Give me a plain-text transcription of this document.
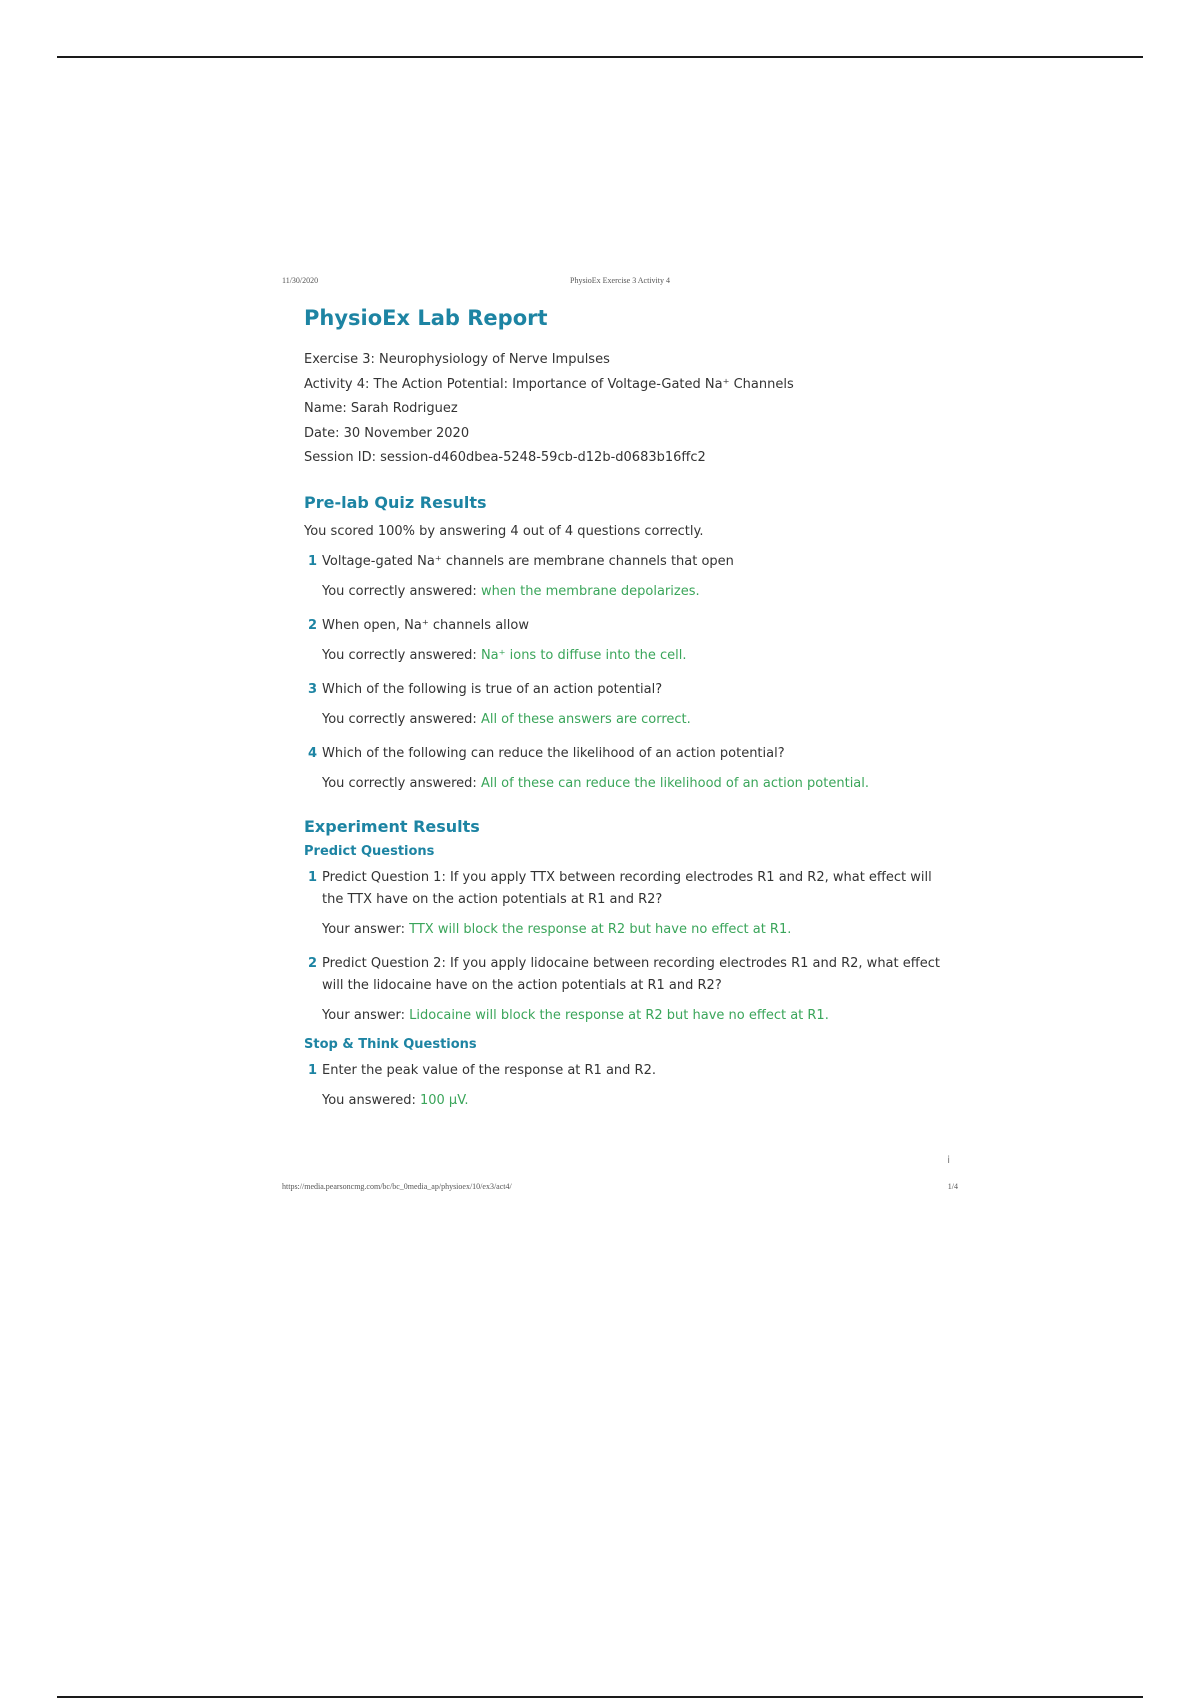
11/30/2020	PhysioEx Exercise 3 Activity 4
PhysioEx Lab Report
Exercise 3: Neurophysiology of Nerve Impulses
Activity 4: The Action Potential: Importance of Voltage-Gated Na⁺ Channels
Name: Sarah Rodriguez
Date: 30 November 2020
Session ID: session-d460dbea-5248-59cb-d12b-d0683b16ffc2
Pre-lab Quiz Results
You scored 100% by answering 4 out of 4 questions correctly.
1 Voltage-gated Na⁺ channels are membrane channels that open
You correctly answered: when the membrane depolarizes.
2 When open, Na⁺ channels allow
You correctly answered: Na⁺ ions to diffuse into the cell.
3 Which of the following is true of an action potential?
You correctly answered: All of these answers are correct.
4 Which of the following can reduce the likelihood of an action potential?
You correctly answered: All of these can reduce the likelihood of an action potential.
Experiment Results
Predict Questions
1 Predict Question 1: If you apply TTX between recording electrodes R1 and R2, what effect will the TTX have on the action potentials at R1 and R2?
Your answer: TTX will block the response at R2 but have no effect at R1.
2 Predict Question 2: If you apply lidocaine between recording electrodes R1 and R2, what effect will the lidocaine have on the action potentials at R1 and R2?
Your answer: Lidocaine will block the response at R2 but have no effect at R1.
Stop & Think Questions
1 Enter the peak value of the response at R1 and R2.
You answered: 100 μV.
i
https://media.pearsoncmg.com/bc/bc_0media_ap/physioex/10/ex3/act4/	1/4
